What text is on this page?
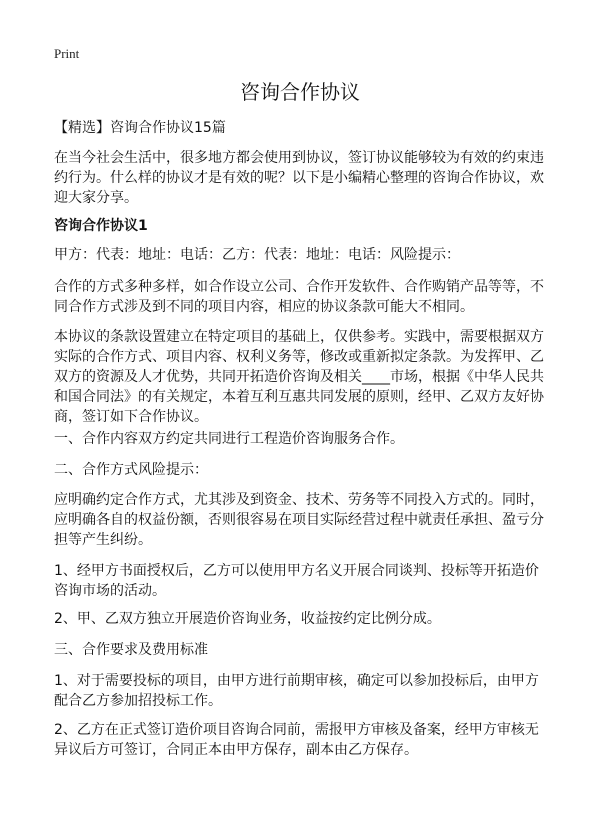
Print
咨询合作协议
【精选】咨询合作协议15篇
在当今社会生活中，很多地方都会使用到协议，签订协议能够较为有效的约束违约行为。什么样的协议才是有效的呢？以下是小编精心整理的咨询合作协议，欢迎大家分享。
咨询合作协议1
甲方：代表：地址：电话：乙方：代表：地址：电话：风险提示：
合作的方式多种多样，如合作设立公司、合作开发软件、合作购销产品等等，不同合作方式涉及到不同的项目内容，相应的协议条款可能大不相同。
本协议的条款设置建立在特定项目的基础上，仅供参考。实践中，需要根据双方实际的合作方式、项目内容、权利义务等，修改或重新拟定条款。为发挥甲、乙双方的资源及人才优势，共同开拓造价咨询及相关____市场，根据《中华人民共和国合同法》的有关规定，本着互利互惠共同发展的原则，经甲、乙双方友好协商，签订如下合作协议。
一、合作内容双方约定共同进行工程造价咨询服务合作。
二、合作方式风险提示：
应明确约定合作方式，尤其涉及到资金、技术、劳务等不同投入方式的。同时，应明确各自的权益份额，否则很容易在项目实际经营过程中就责任承担、盈亏分担等产生纠纷。
1、经甲方书面授权后，乙方可以使用甲方名义开展合同谈判、投标等开拓造价咨询市场的活动。
2、甲、乙双方独立开展造价咨询业务，收益按约定比例分成。
三、合作要求及费用标准
1、对于需要投标的项目，由甲方进行前期审核，确定可以参加投标后，由甲方配合乙方参加招投标工作。
2、乙方在正式签订造价项目咨询合同前，需报甲方审核及备案，经甲方审核无异议后方可签订，合同正本由甲方保存，副本由乙方保存。
